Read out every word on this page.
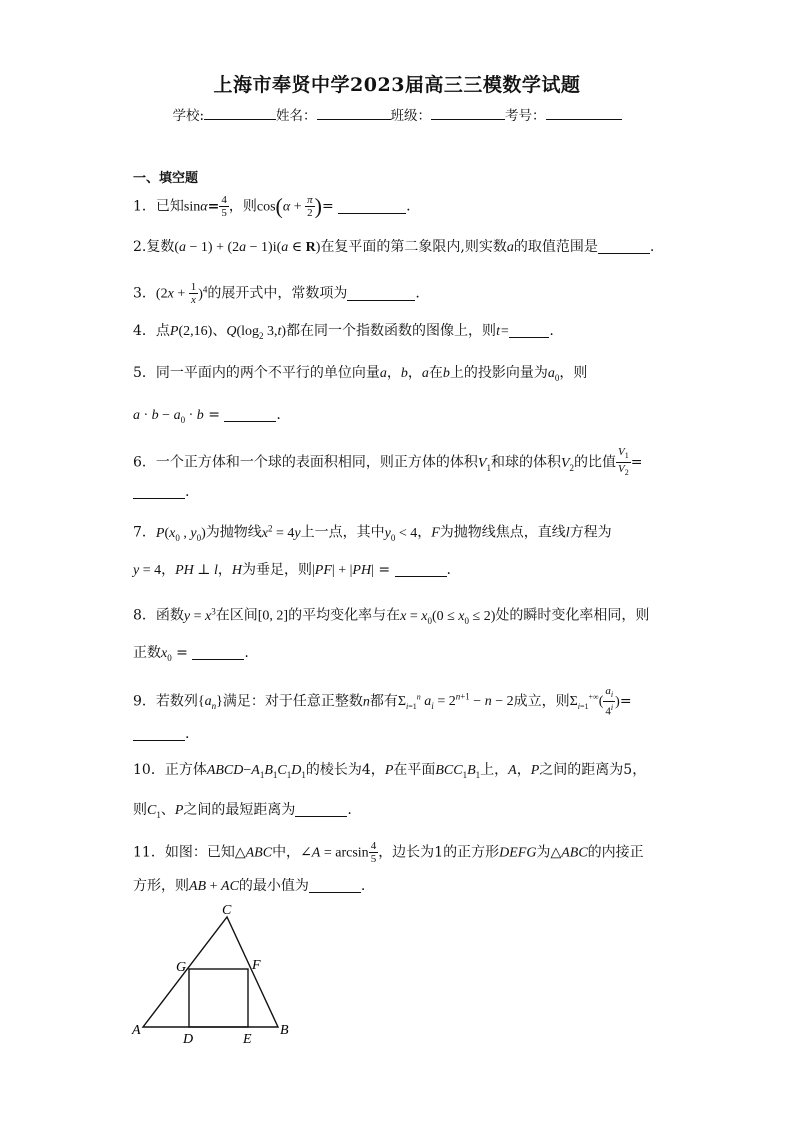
上海市奉贤中学2023届高三三模数学试题
学校:	姓名：	班级：	考号：
一、填空题
1．已知$\sin\alpha= \frac{4}{5}$ ，则$\cos(\alpha + \frac{\pi}{2}$ )=	.
2.复数(a − 1) + (2a − 1)i(a ∈ R)在复平面的第二象限内,则实数a的取值范围是	.
3．$(2x + \frac{1}{x} )^4$的展开式中，常数项为	.
4．点P(2,16)、$Q(\log_2$ 3,t)都在同一个指数函数的图像上，则t=	.
5．同一平面内的两个不平行的单位向量a，b，a在b上的投影向量为$a_0$，则
$a \cdot b - a_0 \cdot b$ =	.
6．一个正方体和一个球的表面积相同，则正方体的体积$V_1$和球的体积$V_2$的比值 $\frac{V_1}{V_2}$ =
.
7．$P(x_0$ , $y_0$)为抛物线$x^2 = 4y$上一点，其中$y_0 < 4$，F为抛物线焦点，直线l方程为
y = 4，PH ⊥ l，H为垂足，则|PF| + |PH| =	.
8．函数$y = x^3$在区间[0, 2]的平均变化率与在$x = x_0(0 \le x_0 \le 2)$处的瞬时变化率相同，则
正数$x_0$ =	.
9．若数列$\{a_n\}$满足：对于任意正整数n都有$\Sigma_{i=1}^n$ $a_i = 2^{n+1} - n - 2$成立，则$\Sigma_{i=1}^{+\infty}( \frac{a_i}{4^i}$ )=
.
10．正方体$ABCD-A_1B_1C_1D_1$的棱长为4，P在平面$BCC_1B_1$上，A，P之间的距离为5，
则$C_1$、P之间的最短距离为	.
11．如图：已知△ABC中，∠A = $\arcsin \frac{4}{5}$ ，边长为1的正方形DEFG为△ABC的内接正
方形，则AB + AC的最小值为	.
A	B
C
D	E
F
G
